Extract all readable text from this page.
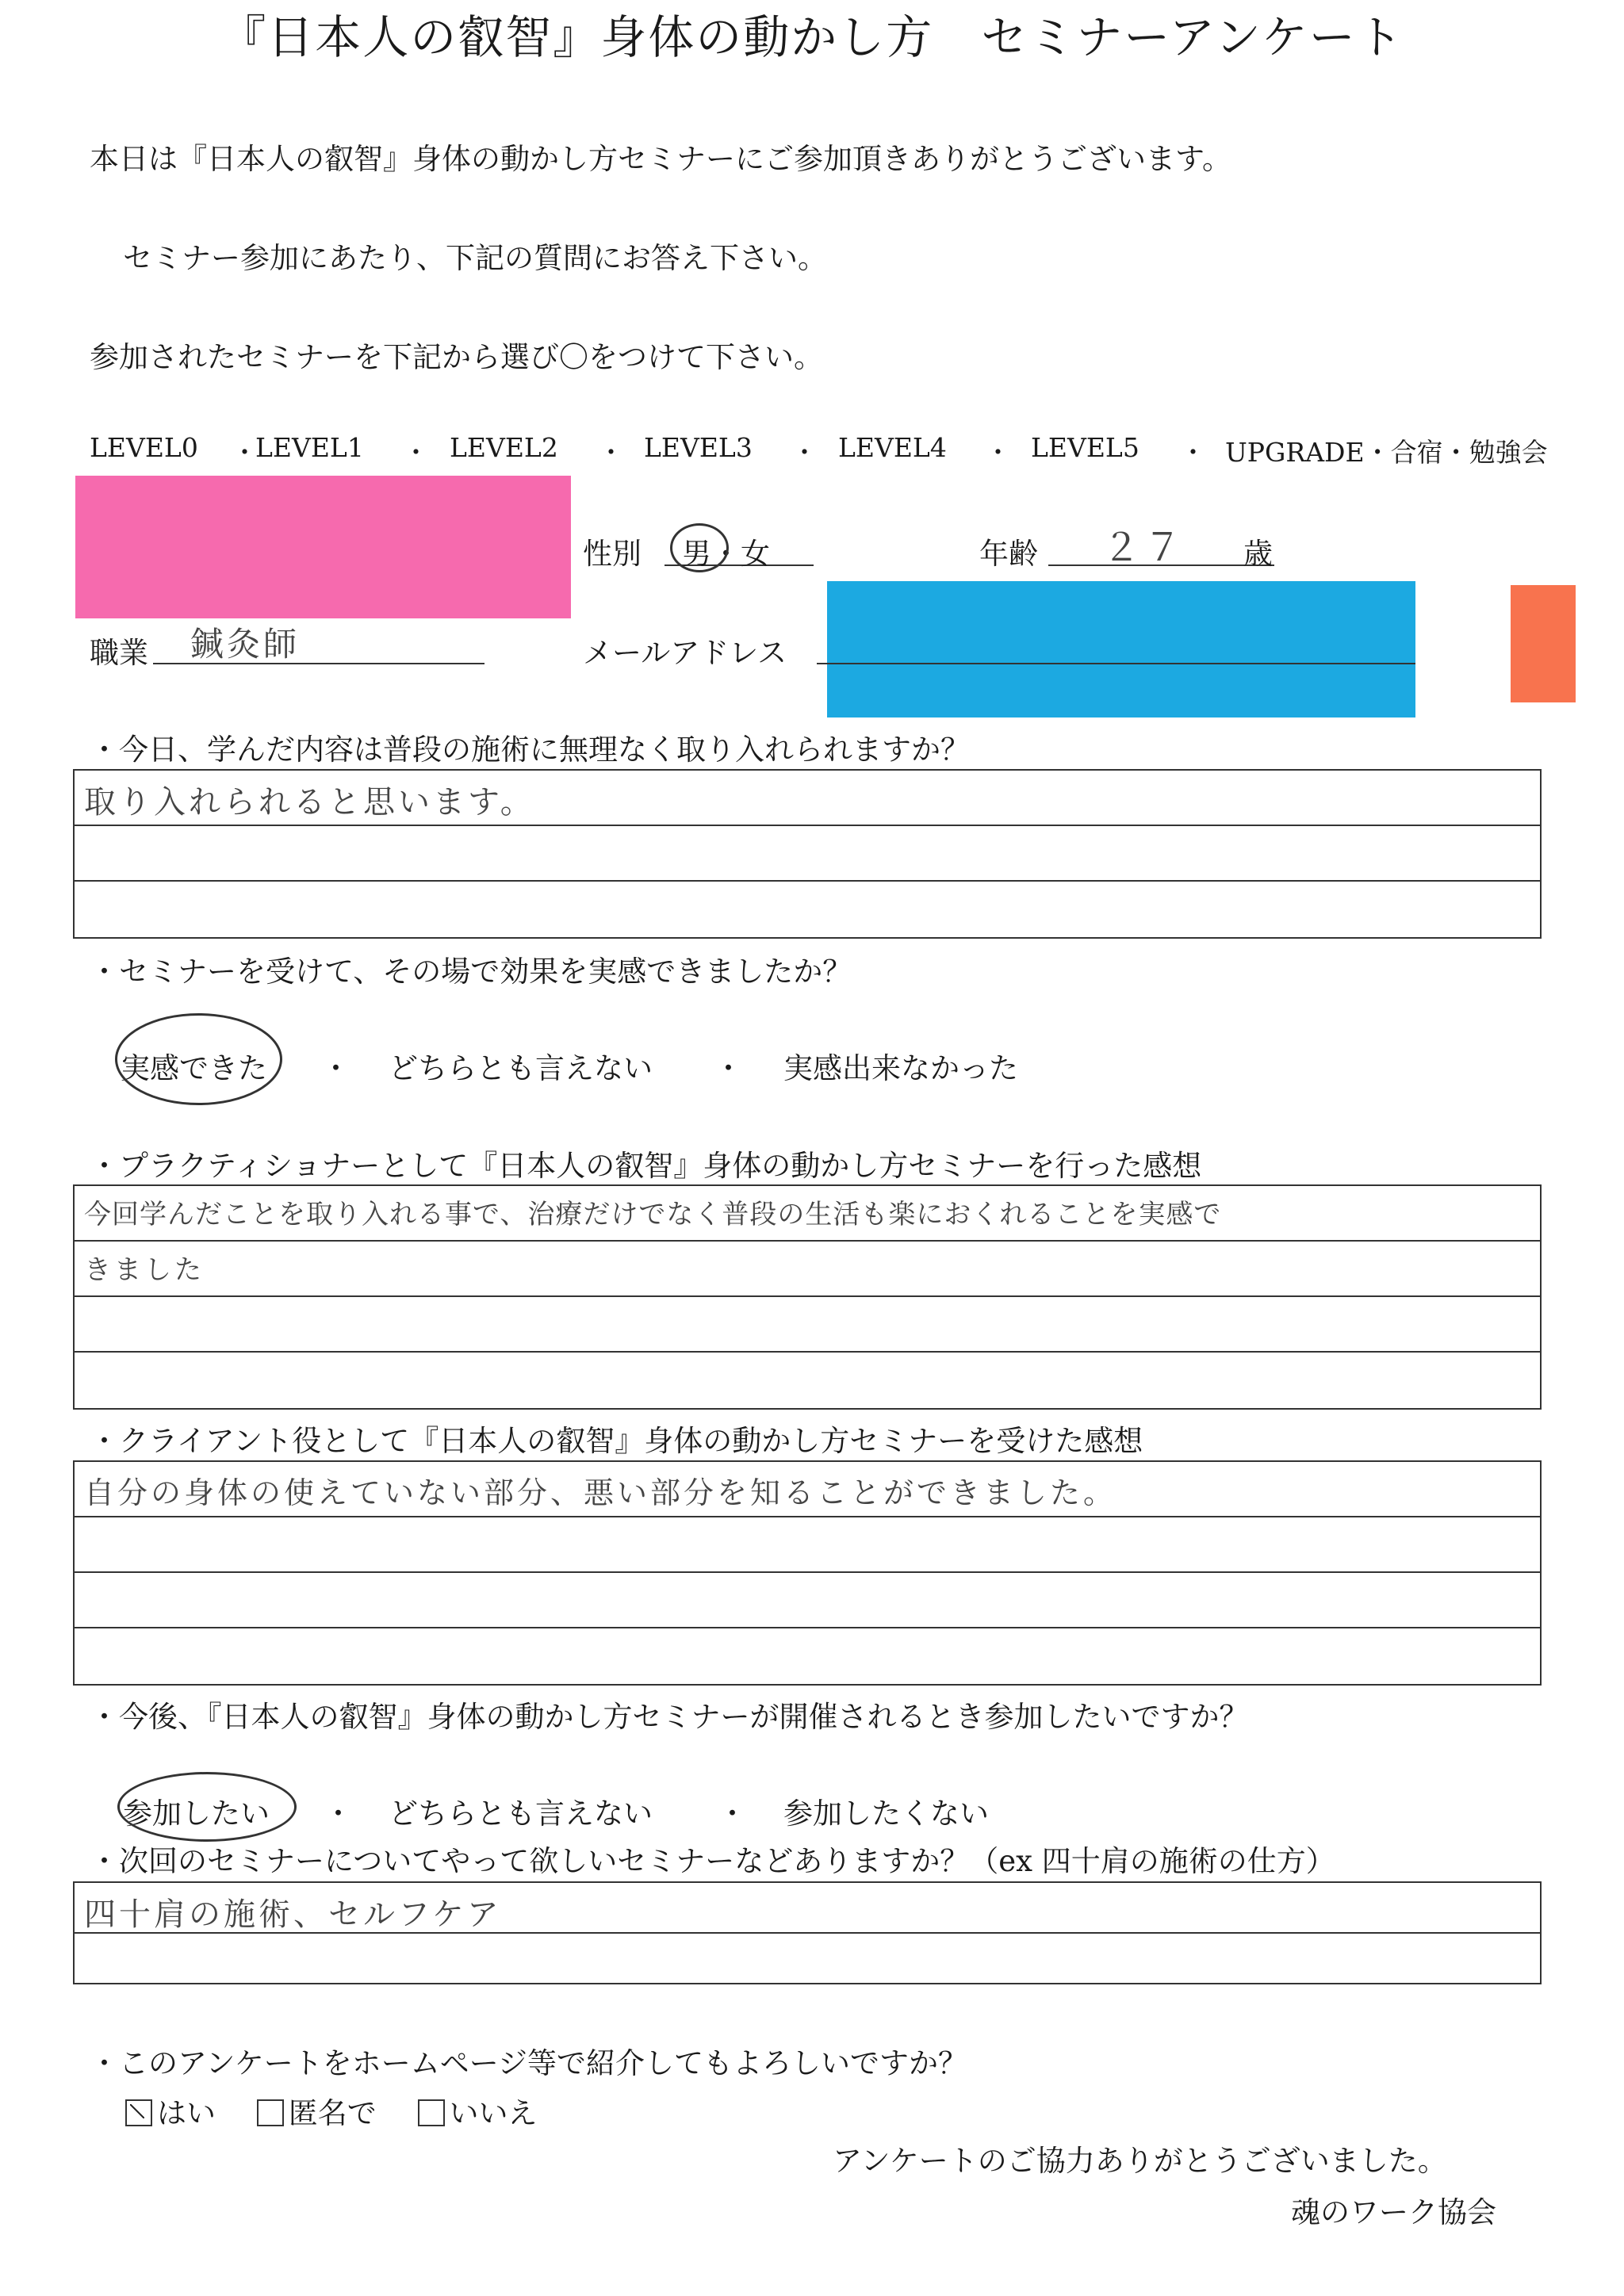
『日本人の叡智』身体の動かし方　セミナーアンケート
本日は『日本人の叡智』身体の動かし方セミナーにご参加頂きありがとうございます。
セミナー参加にあたり、下記の質問にお答え下さい。
参加されたセミナーを下記から選び〇をつけて下さい。
LEVEL0 ・
LEVEL1 ・ LEVEL2 ・ LEVEL3 ・ LEVEL4 ・ LEVEL5 ・ UPGRADE・合宿・勉強会
性別 男・女	年齢 ２７ 歳
職業 鍼灸師	メールアドレス
・今日、学んだ内容は普段の施術に無理なく取り入れられますか？
取り入れられると思います。
・セミナーを受けて、その場で効果を実感できましたか？
実感できた ・ どちらとも言えない ・ 実感出来なかった
・プラクティショナーとして『日本人の叡智』身体の動かし方セミナーを行った感想
今回学んだことを取り入れる事で、治療だけでなく普段の生活も楽におくれることを実感で
きました
・クライアント役として『日本人の叡智』身体の動かし方セミナーを受けた感想
自分の身体の使えていない部分、悪い部分を知ることができました。
・今後、『日本人の叡智』身体の動かし方セミナーが開催されるとき参加したいですか？
参加したい ・ どちらとも言えない ・ 参加したくない
・次回のセミナーについてやって欲しいセミナーなどありますか？（ex 四十肩の施術の仕方）
四十肩の施術、セルフケア
・このアンケートをホームページ等で紹介してもよろしいですか？
はい 匿名で いいえ
アンケートのご協力ありがとうございました。
魂のワーク協会
